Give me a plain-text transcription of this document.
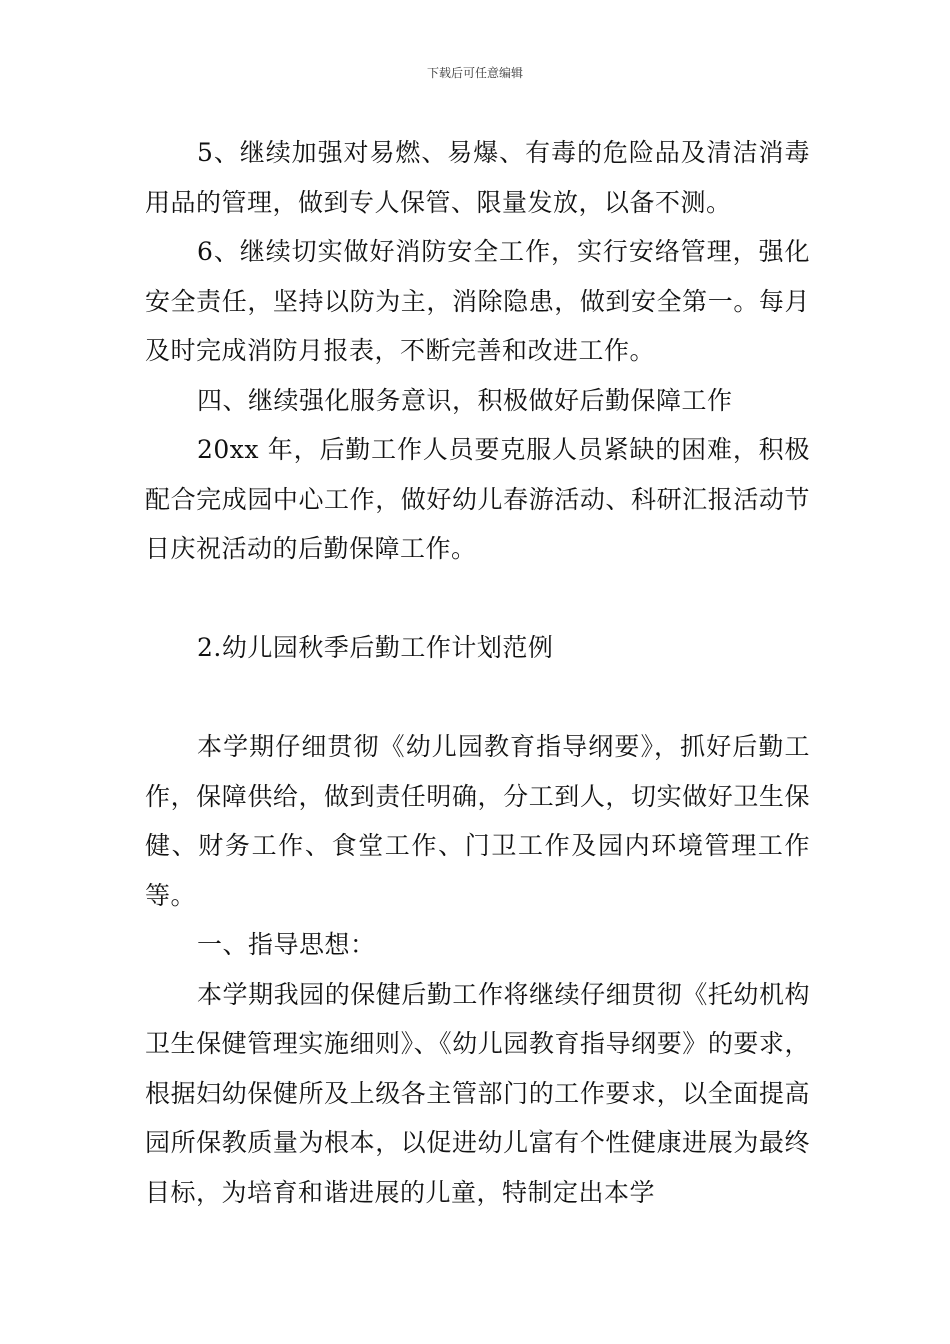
下载后可任意编辑

5、继续加强对易燃、易爆、有毒的危险品及清洁消毒用品的管理，做到专人保管、限量发放，以备不测。

6、继续切实做好消防安全工作，实行安络管理，强化安全责任，坚持以防为主，消除隐患，做到安全第一。每月及时完成消防月报表，不断完善和改进工作。

四、继续强化服务意识，积极做好后勤保障工作

20xx 年，后勤工作人员要克服人员紧缺的困难，积极配合完成园中心工作，做好幼儿春游活动、科研汇报活动节日庆祝活动的后勤保障工作。

2.幼儿园秋季后勤工作计划范例

本学期仔细贯彻《幼儿园教育指导纲要》，抓好后勤工作，保障供给，做到责任明确，分工到人，切实做好卫生保健、财务工作、食堂工作、门卫工作及园内环境管理工作等。

一、指导思想：

本学期我园的保健后勤工作将继续仔细贯彻《托幼机构卫生保健管理实施细则》、《幼儿园教育指导纲要》的要求，根据妇幼保健所及上级各主管部门的工作要求，以全面提高园所保教质量为根本，以促进幼儿富有个性健康进展为最终目标，为培育和谐进展的儿童，特制定出本学
